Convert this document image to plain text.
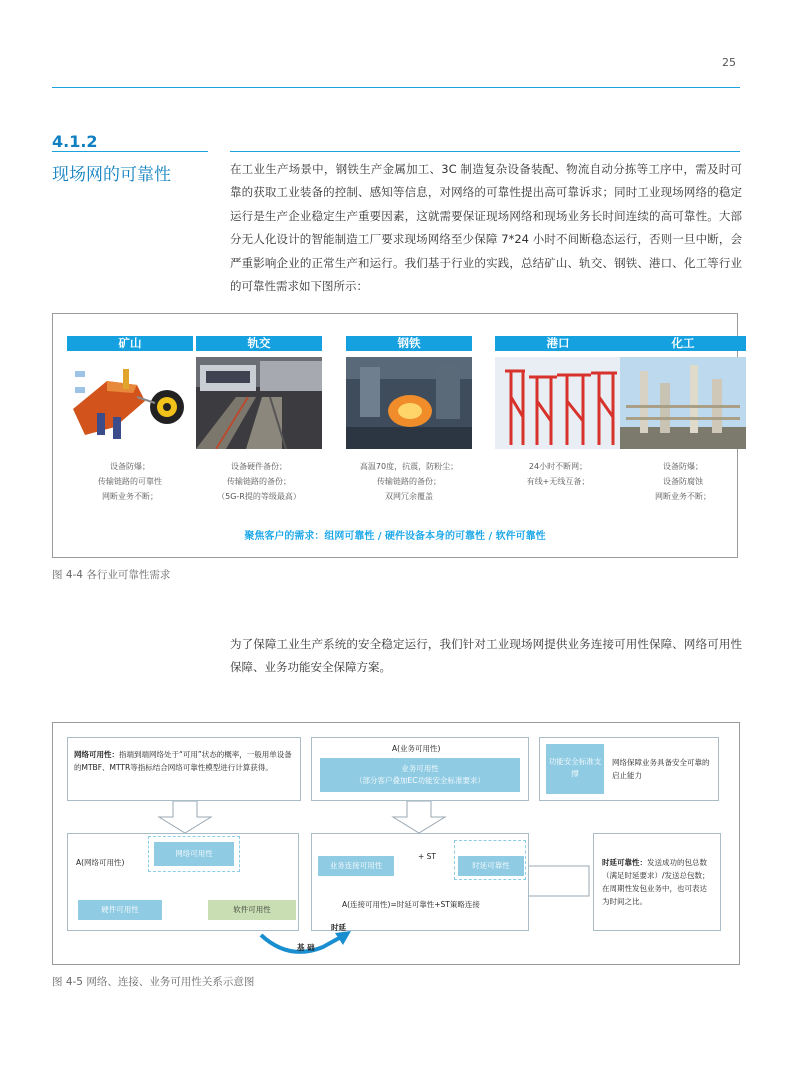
25
4.1.2
现场网的可靠性	在工业生产场景中，钢铁生产金属加工、3C 制造复杂设备装配、物流自动分拣等工序中，需及时可靠的获取工业装备的控制、感知等信息，对网络的可靠性提出高可靠诉求；同时工业现场网络的稳定运行是生产企业稳定生产重要因素，这就需要保证现场网络和现场业务长时间连续的高可靠性。大部分无人化设计的智能制造工厂要求现场网络至少保障 7*24 小时不间断稳态运行，否则一旦中断，会严重影响企业的正常生产和运行。我们基于行业的实践，总结矿山、轨交、钢铁、港口、化工等行业的可靠性需求如下图所示：
矿山
设备防爆；
传输链路的可靠性
网断业务不断；
轨交
设备硬件备份；
传输链路的备份；
（5G-R提的等级最高）
钢铁
高温70度，抗震，防粉尘；
传输链路的备份；
双网冗余覆盖
港口
24小时不断网；
有线+无线互备；
化工
设备防爆；
设备防腐蚀
网断业务不断；
聚焦客户的需求：组网可靠性 / 硬件设备本身的可靠性 / 软件可靠性
图 4-4 各行业可靠性需求
为了保障工业生产系统的安全稳定运行，我们针对工业现场网提供业务连接可用性保障、网络可用性保障、业务功能安全保障方案。
网络可用性：指端到端网络处于“可用”状态的概率，一般用单设备的MTBF、MTTR等指标结合网络可靠性模型进行计算获得。
A(业务可用性)
业务可用性
（部分客户叠加EC功能安全标准要求）
功能安全标准支撑
网络保障业务具备安全可靠的启止能力
A(网络可用性)
网络可用性
硬件可用性	软件可用性
+ ST
业务连接可用性	时延可靠性
A(连接可用性)=时延可靠性+ST策略连接
时延可靠性：发送成功的包总数（满足时延要求）/发送总包数；在周期性发包业务中，也可表达为时间之比。
基 础
时延
图 4-5 网络、连接、业务可用性关系示意图
